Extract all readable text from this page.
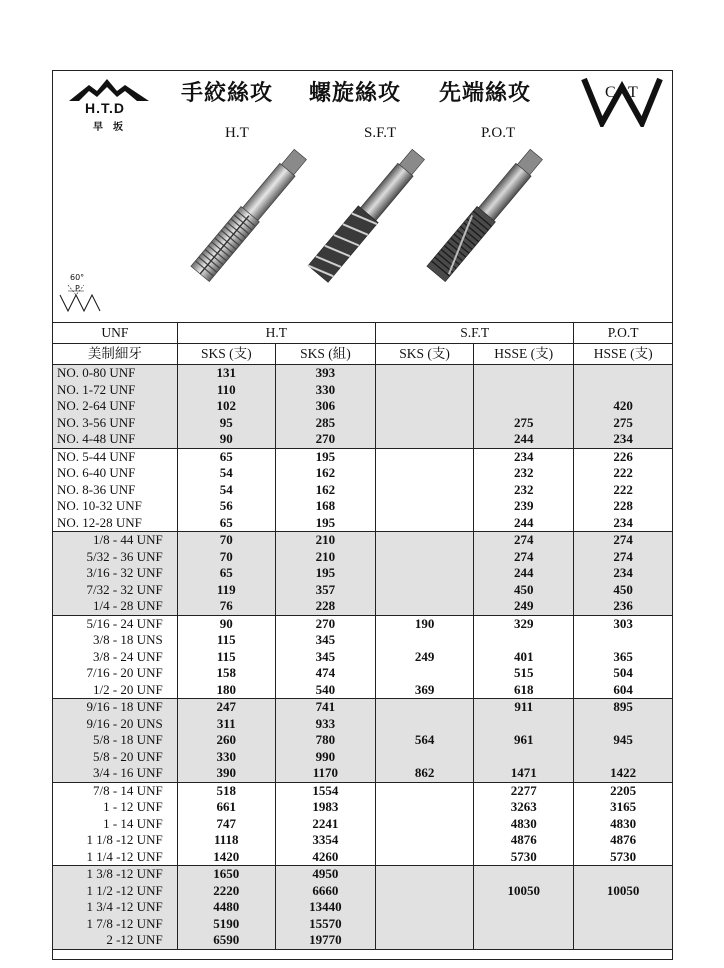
H.T.D
早坂
手絞絲攻 螺旋絲攻 先端絲攻	C T
H.T	S.F.T	P.O.T
60°
P
UNF	H.T		S.F.T		P.O.T
美制細牙	SKS (支)	SKS (組)	SKS (支)	HSSE (支)	HSSE (支)
NO. 0-80 UNF	131	393			
NO. 1-72 UNF	110	330			
NO. 2-64 UNF	102	306			420
NO. 3-56 UNF	95	285		275	275
NO. 4-48 UNF	90	270		244	234
NO. 5-44 UNF	65	195		234	226
NO. 6-40 UNF	54	162		232	222
NO. 8-36 UNF	54	162		232	222
NO. 10-32 UNF	56	168		239	228
NO. 12-28 UNF	65	195		244	234
1/8 - 44 UNF	70	210		274	274
5/32 - 36 UNF	70	210		274	274
3/16 - 32 UNF	65	195		244	234
7/32 - 32 UNF	119	357		450	450
1/4 - 28 UNF	76	228		249	236
5/16 - 24 UNF	90	270	190	329	303
3/8 - 18 UNS	115	345			
3/8 - 24 UNF	115	345	249	401	365
7/16 - 20 UNF	158	474		515	504
1/2 - 20 UNF	180	540	369	618	604
9/16 - 18 UNF	247	741		911	895
9/16 - 20 UNS	311	933			
5/8 - 18 UNF	260	780	564	961	945
5/8 - 20 UNF	330	990			
3/4 - 16 UNF	390	1170	862	1471	1422
7/8 - 14 UNF	518	1554		2277	2205
1 - 12 UNF	661	1983		3263	3165
1 - 14 UNF	747	2241		4830	4830
1 1/8 -12 UNF	1118	3354		4876	4876
1 1/4 -12 UNF	1420	4260		5730	5730
1 3/8 -12 UNF	1650	4950			
1 1/2 -12 UNF	2220	6660		10050	10050
1 3/4 -12 UNF	4480	13440			
1 7/8 -12 UNF	5190	15570			
2 -12 UNF	6590	19770			
